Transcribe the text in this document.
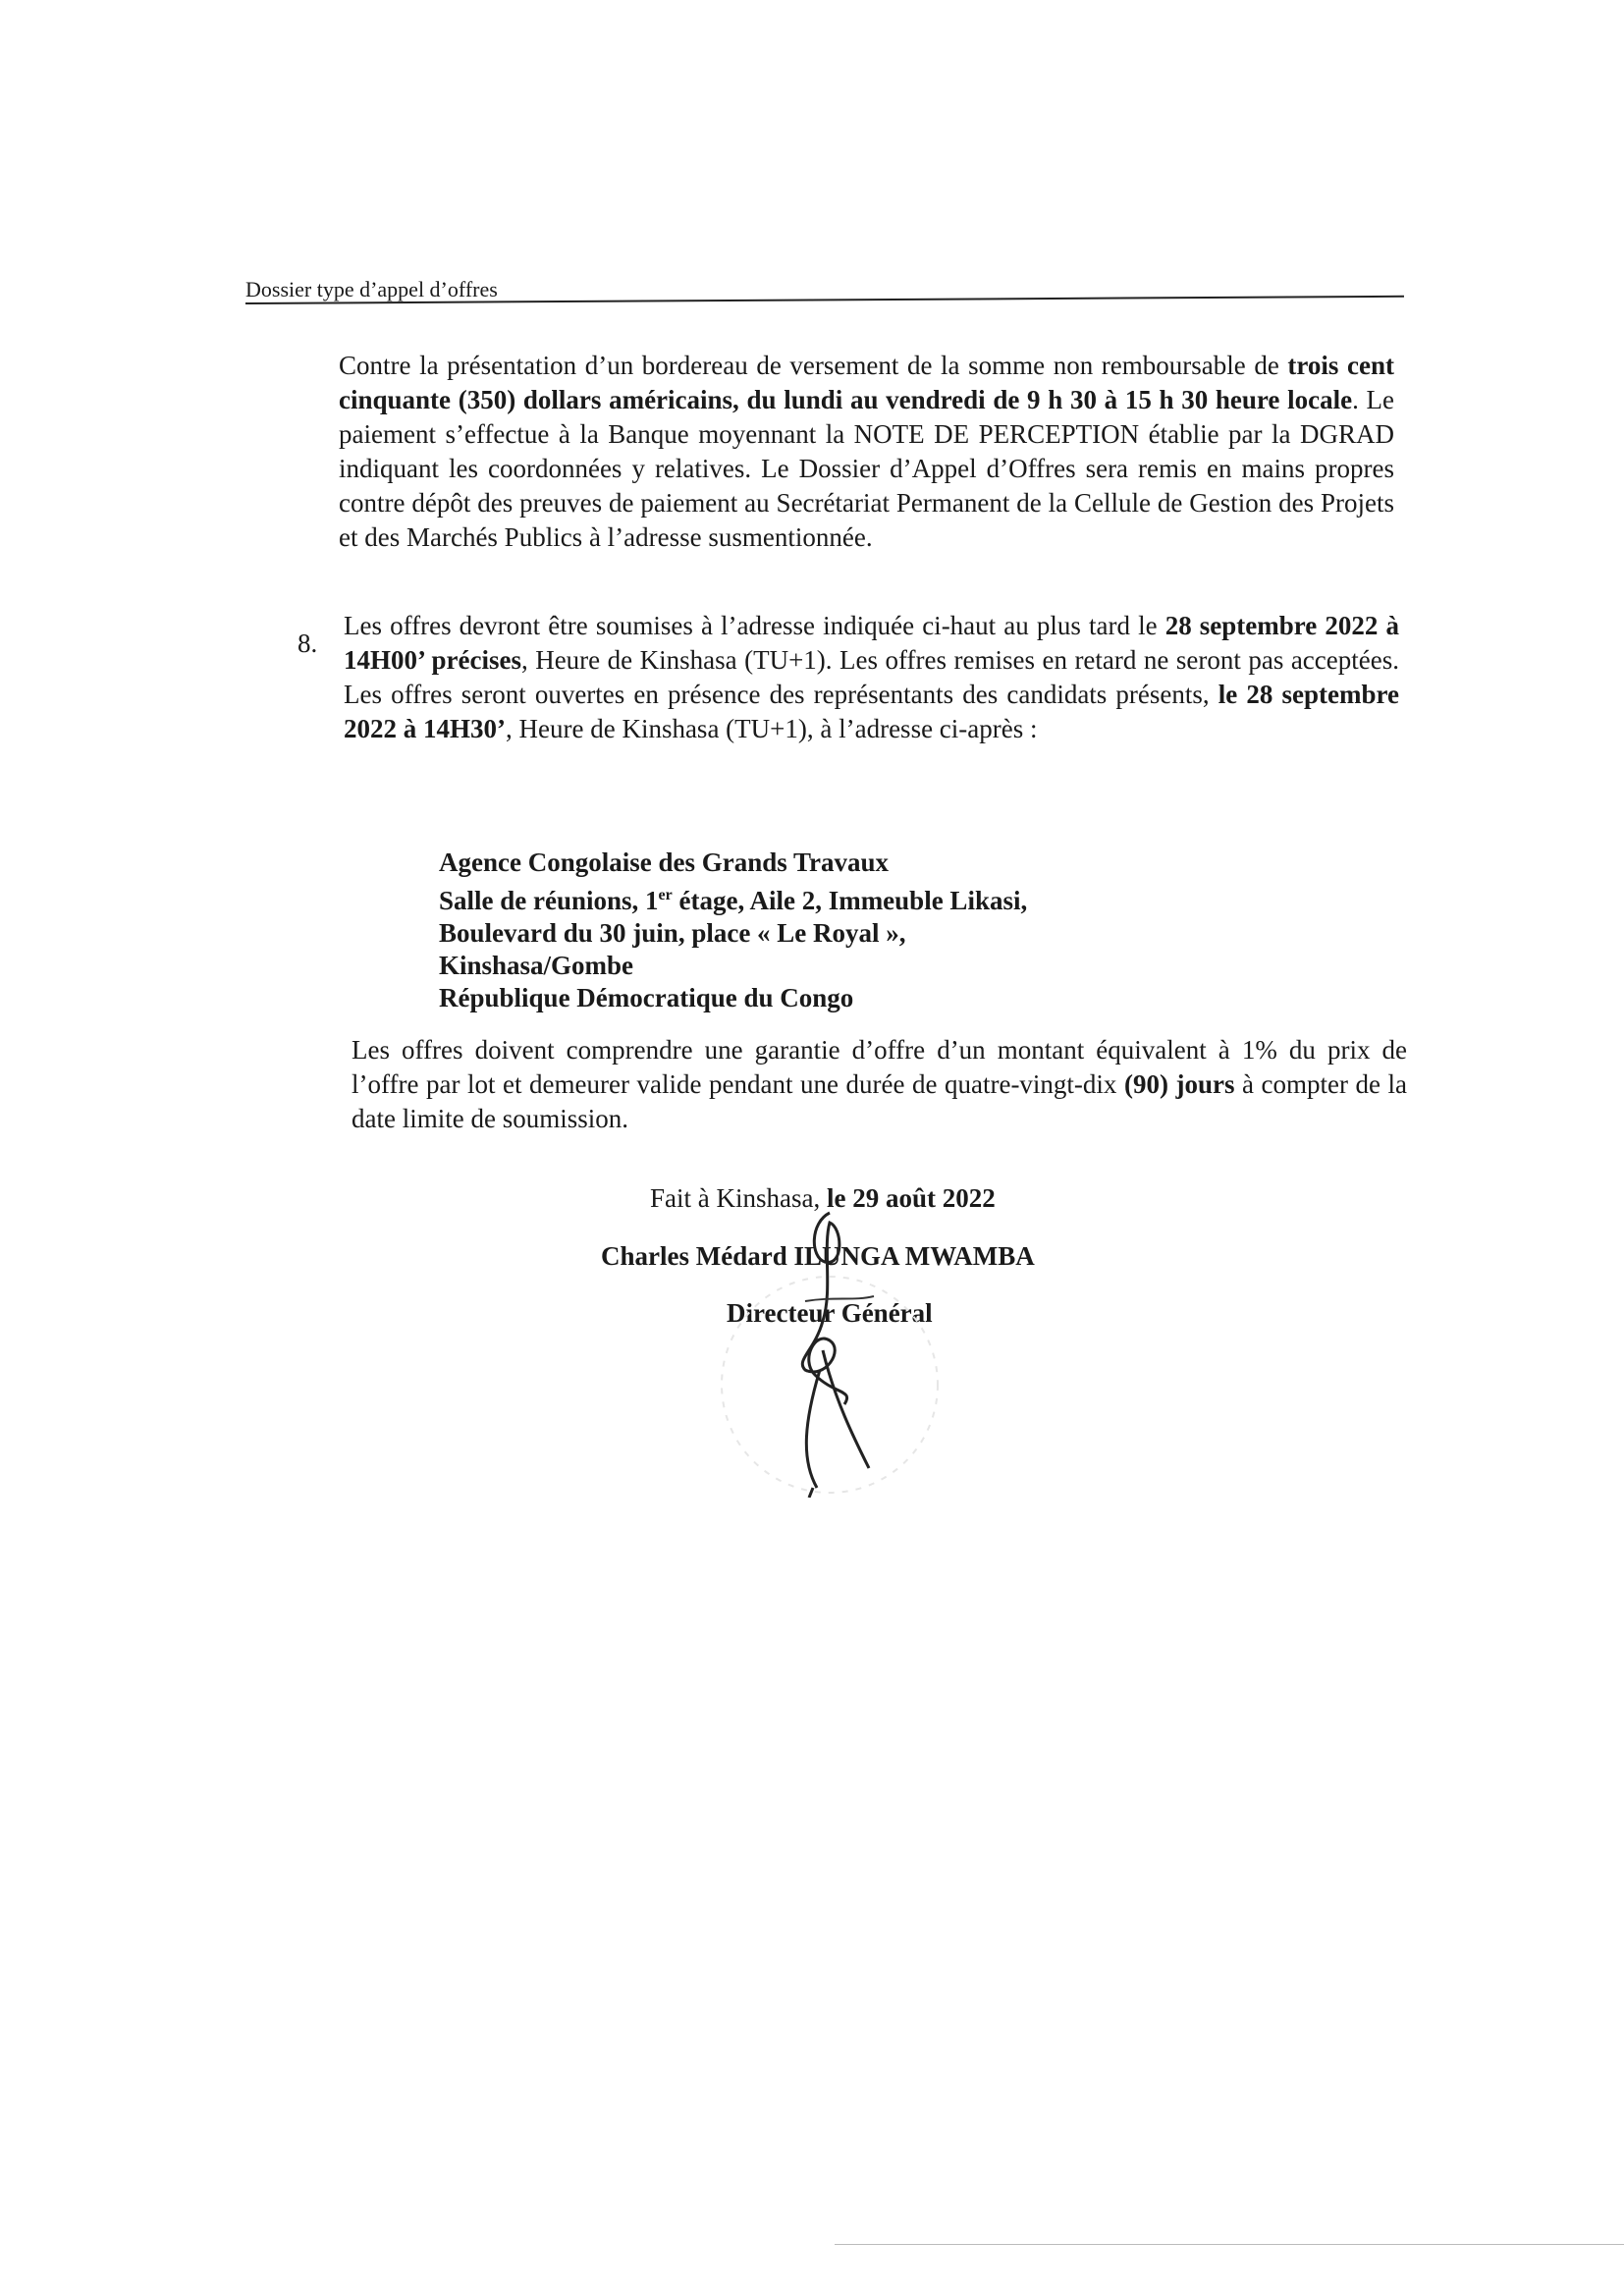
Dossier type d’appel d’offres
Contre la présentation d’un bordereau de versement de la somme non remboursable de trois cent cinquante (350) dollars américains, du lundi au vendredi de 9 h 30 à 15 h 30 heure locale. Le paiement s’effectue à la Banque moyennant la NOTE DE PERCEPTION établie par la DGRAD indiquant les coordonnées y relatives. Le Dossier d’Appel d’Offres sera remis en mains propres contre dépôt des preuves de paiement au Secrétariat Permanent de la Cellule de Gestion des Projets et des Marchés Publics à l’adresse susmentionnée.
8.
Les offres devront être soumises à l’adresse indiquée ci-haut au plus tard le 28 septembre 2022 à 14H00’ précises, Heure de Kinshasa (TU+1). Les offres remises en retard ne seront pas acceptées. Les offres seront ouvertes en présence des représentants des candidats présents, le 28 septembre 2022 à 14H30’, Heure de Kinshasa (TU+1), à l’adresse ci-après :
Agence Congolaise des Grands Travaux
Salle de réunions, 1er étage, Aile 2, Immeuble Likasi,
Boulevard du 30 juin, place « Le Royal »,
Kinshasa/Gombe
République Démocratique du Congo
Les offres doivent comprendre une garantie d’offre d’un montant équivalent à 1% du prix de l’offre par lot et demeurer valide pendant une durée de quatre-vingt-dix (90) jours à compter de la date limite de soumission.
Fait à Kinshasa, le 29 août 2022
Charles Médard ILUNGA MWAMBA
Directeur Général
